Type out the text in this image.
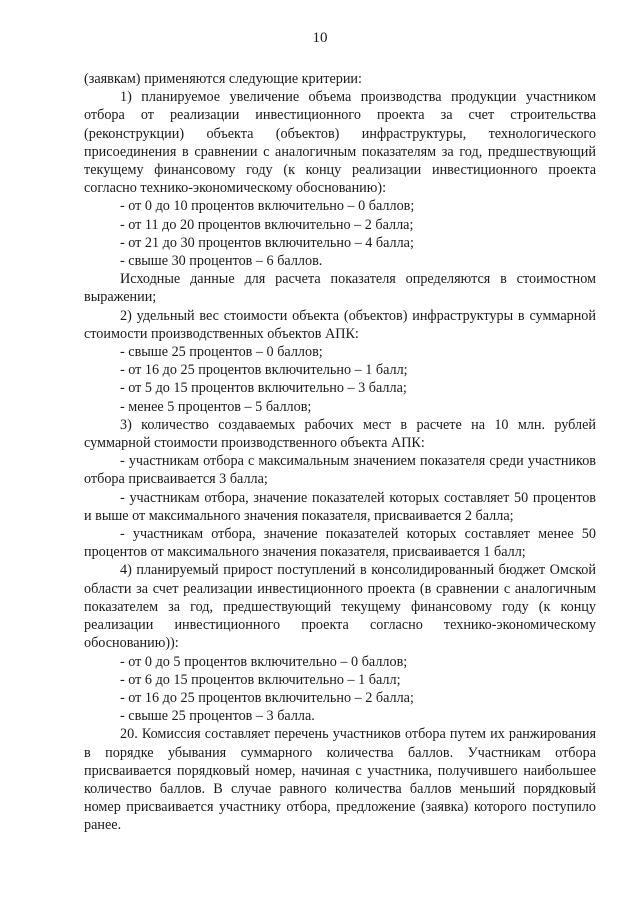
10

(заявкам) применяются следующие критерии:

1) планируемое увеличение объема производства продукции участником отбора от реализации инвестиционного проекта за счет строительства (реконструкции) объекта (объектов) инфраструктуры, технологического присоединения в сравнении с аналогичным показателям за год, предшествующий текущему финансовому году (к концу реализации инвестиционного проекта согласно технико-экономическому обоснованию):

- от 0 до 10 процентов включительно – 0 баллов;

- от 11 до 20 процентов включительно – 2 балла;

- от 21 до 30 процентов включительно – 4 балла;

- свыше 30 процентов – 6 баллов.

Исходные данные для расчета показателя определяются в стоимостном выражении;

2) удельный вес стоимости объекта (объектов) инфраструктуры в суммарной стоимости производственных объектов АПК:

- свыше 25 процентов – 0 баллов;

- от 16 до 25 процентов включительно – 1 балл;

- от 5 до 15 процентов включительно – 3 балла;

- менее 5 процентов – 5 баллов;

3) количество создаваемых рабочих мест в расчете на 10 млн. рублей суммарной стоимости производственного объекта АПК:

- участникам отбора с максимальным значением показателя среди участников отбора присваивается 3 балла;

- участникам отбора, значение показателей которых составляет 50 процентов и выше от максимального значения показателя, присваивается 2 балла;

- участникам отбора, значение показателей которых составляет менее 50 процентов от максимального значения показателя, присваивается 1 балл;

4) планируемый прирост поступлений в консолидированный бюджет Омской области за счет реализации инвестиционного проекта (в сравнении с аналогичным показателем за год, предшествующий текущему финансовому году (к концу реализации инвестиционного проекта согласно технико-экономическому обоснованию)):

- от 0 до 5 процентов включительно – 0 баллов;

- от 6 до 15 процентов включительно – 1 балл;

- от 16 до 25 процентов включительно – 2 балла;

- свыше 25 процентов – 3 балла.

20. Комиссия составляет перечень участников отбора путем их ранжирования в порядке убывания суммарного количества баллов. Участникам отбора присваивается порядковый номер, начиная с участника, получившего наибольшее количество баллов. В случае равного количества баллов меньший порядковый номер присваивается участнику отбора, предложение (заявка) которого поступило ранее.
